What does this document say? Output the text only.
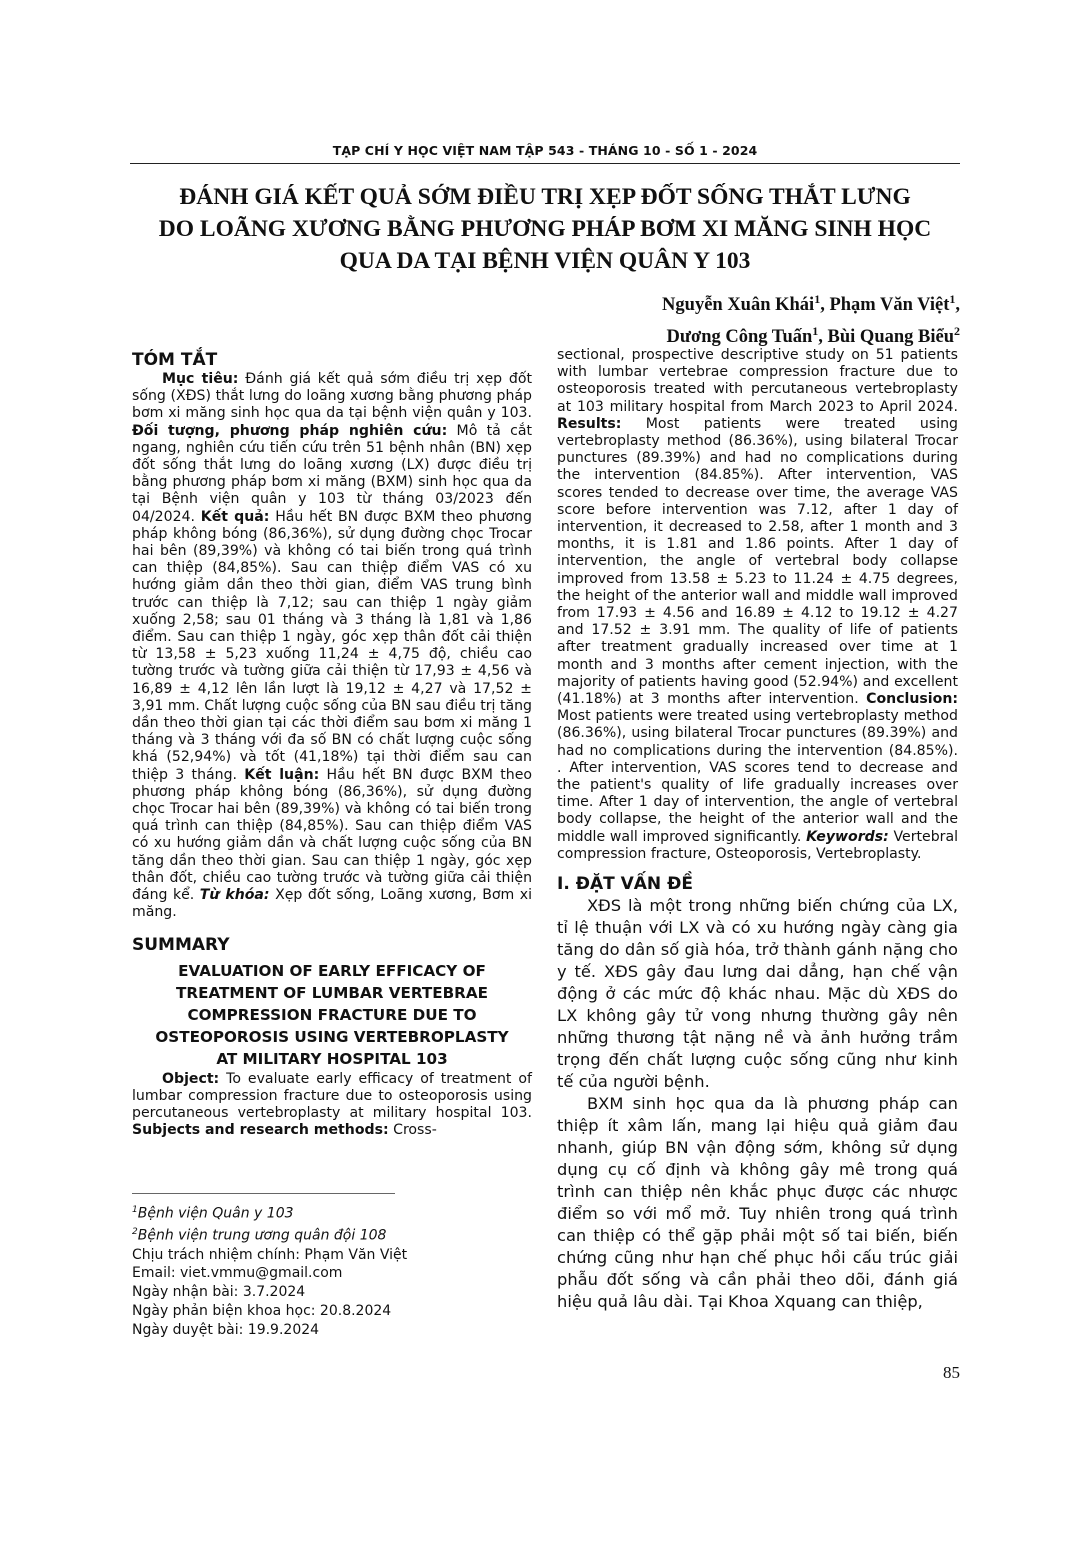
TẠP CHÍ Y HỌC VIỆT NAM TẬP 543 - THÁNG 10 - SỐ 1 - 2024
ĐÁNH GIÁ KẾT QUẢ SỚM ĐIỀU TRỊ XẸP ĐỐT SỐNG THẮT LƯNG
DO LOÃNG XƯƠNG BẰNG PHƯƠNG PHÁP BƠM XI MĂNG SINH HỌC
QUA DA TẠI BỆNH VIỆN QUÂN Y 103
Nguyễn Xuân Khái$^1$, Phạm Văn Việt$^1$,
Dương Công Tuấn$^1$, Bùi Quang Biểu$^2$
TÓM TẮT
Mục tiêu: Đánh giá kết quả sớm điều trị xẹp đốt sống (XĐS) thắt lưng do loãng xương bằng phương pháp bơm xi măng sinh học qua da tại bệnh viện quân y 103. Đối tượng, phương pháp nghiên cứu: Mô tả cắt ngang, nghiên cứu tiến cứu trên 51 bệnh nhân (BN) xẹp đốt sống thắt lưng do loãng xương (LX) được điều trị bằng phương pháp bơm xi măng (BXM) sinh học qua da tại Bệnh viện quân y 103 từ tháng 03/2023 đến 04/2024. Kết quả: Hầu hết BN được BXM theo phương pháp không bóng (86,36%), sử dụng đường chọc Trocar hai bên (89,39%) và không có tai biến trong quá trình can thiệp (84,85%). Sau can thiệp điểm VAS có xu hướng giảm dần theo thời gian, điểm VAS trung bình trước can thiệp là 7,12; sau can thiệp 1 ngày giảm xuống 2,58; sau 01 tháng và 3 tháng là 1,81 và 1,86 điểm. Sau can thiệp 1 ngày, góc xẹp thân đốt cải thiện từ 13,58 ± 5,23 xuống 11,24 ± 4,75 độ, chiều cao tường trước và tường giữa cải thiện từ 17,93 ± 4,56 và 16,89 ± 4,12 lên lần lượt là 19,12 ± 4,27 và 17,52 ± 3,91 mm. Chất lượng cuộc sống của BN sau điều trị tăng dần theo thời gian tại các thời điểm sau bơm xi măng 1 tháng và 3 tháng với đa số BN có chất lượng cuộc sống khá (52,94%) và tốt (41,18%) tại thời điểm sau can thiệp 3 tháng. Kết luận: Hầu hết BN được BXM theo phương pháp không bóng (86,36%), sử dụng đường chọc Trocar hai bên (89,39%) và không có tai biến trong quá trình can thiệp (84,85%). Sau can thiệp điểm VAS có xu hướng giảm dần và chất lượng cuộc sống của BN tăng dần theo thời gian. Sau can thiệp 1 ngày, góc xẹp thân đốt, chiều cao tường trước và tường giữa cải thiện đáng kể. Từ khóa: Xẹp đốt sống, Loãng xương, Bơm xi măng.
SUMMARY
EVALUATION OF EARLY EFFICACY OF
TREATMENT OF LUMBAR VERTEBRAE
COMPRESSION FRACTURE DUE TO
OSTEOPOROSIS USING VERTEBROPLASTY
AT MILITARY HOSPITAL 103
Object: To evaluate early efficacy of treatment of lumbar compression fracture due to osteoporosis using percutaneous vertebroplasty at military hospital 103. Subjects and research methods: Cross-
$^1$Bệnh viện Quân y 103
$^2$Bệnh viện trung ương quân đội 108
Chịu trách nhiệm chính: Phạm Văn Việt
Email: viet.vmmu@gmail.com
Ngày nhận bài: 3.7.2024
Ngày phản biện khoa học: 20.8.2024
Ngày duyệt bài: 19.9.2024
sectional, prospective descriptive study on 51 patients with lumbar vertebrae compression fracture due to osteoporosis treated with percutaneous vertebroplasty at 103 military hospital from March 2023 to April 2024. Results: Most patients were treated using vertebroplasty method (86.36%), using bilateral Trocar punctures (89.39%) and had no complications during the intervention (84.85%). After intervention, VAS scores tended to decrease over time, the average VAS score before intervention was 7.12, after 1 day of intervention, it decreased to 2.58, after 1 month and 3 months, it is 1.81 and 1.86 points. After 1 day of intervention, the angle of vertebral body collapse improved from 13.58 ± 5.23 to 11.24 ± 4.75 degrees, the height of the anterior wall and middle wall improved from 17.93 ± 4.56 and 16.89 ± 4.12 to 19.12 ± 4.27 and 17.52 ± 3.91 mm. The quality of life of patients after treatment gradually increased over time at 1 month and 3 months after cement injection, with the majority of patients having good (52.94%) and excellent (41.18%) at 3 months after intervention. Conclusion: Most patients were treated using vertebroplasty method (86.36%), using bilateral Trocar punctures (89.39%) and had no complications during the intervention (84.85%). . After intervention, VAS scores tend to decrease and the patient's quality of life gradually increases over time. After 1 day of intervention, the angle of vertebral body collapse, the height of the anterior wall and the middle wall improved significantly. Keywords: Vertebral compression fracture, Osteoporosis, Vertebroplasty.
I. ĐẶT VẤN ĐỀ
XĐS là một trong những biến chứng của LX, tỉ lệ thuận với LX và có xu hướng ngày càng gia tăng do dân số già hóa, trở thành gánh nặng cho y tế. XĐS gây đau lưng dai dẳng, hạn chế vận động ở các mức độ khác nhau. Mặc dù XĐS do LX không gây tử vong nhưng thường gây nên những thương tật nặng nề và ảnh hưởng trầm trọng đến chất lượng cuộc sống cũng như kinh tế của người bệnh.
BXM sinh học qua da là phương pháp can thiệp ít xâm lấn, mang lại hiệu quả giảm đau nhanh, giúp BN vận động sớm, không sử dụng dụng cụ cố định và không gây mê trong quá trình can thiệp nên khắc phục được các nhược điểm so với mổ mở. Tuy nhiên trong quá trình can thiệp có thể gặp phải một số tai biến, biến chứng cũng như hạn chế phục hồi cấu trúc giải phẫu đốt sống và cần phải theo dõi, đánh giá hiệu quả lâu dài. Tại Khoa Xquang can thiệp,
85
